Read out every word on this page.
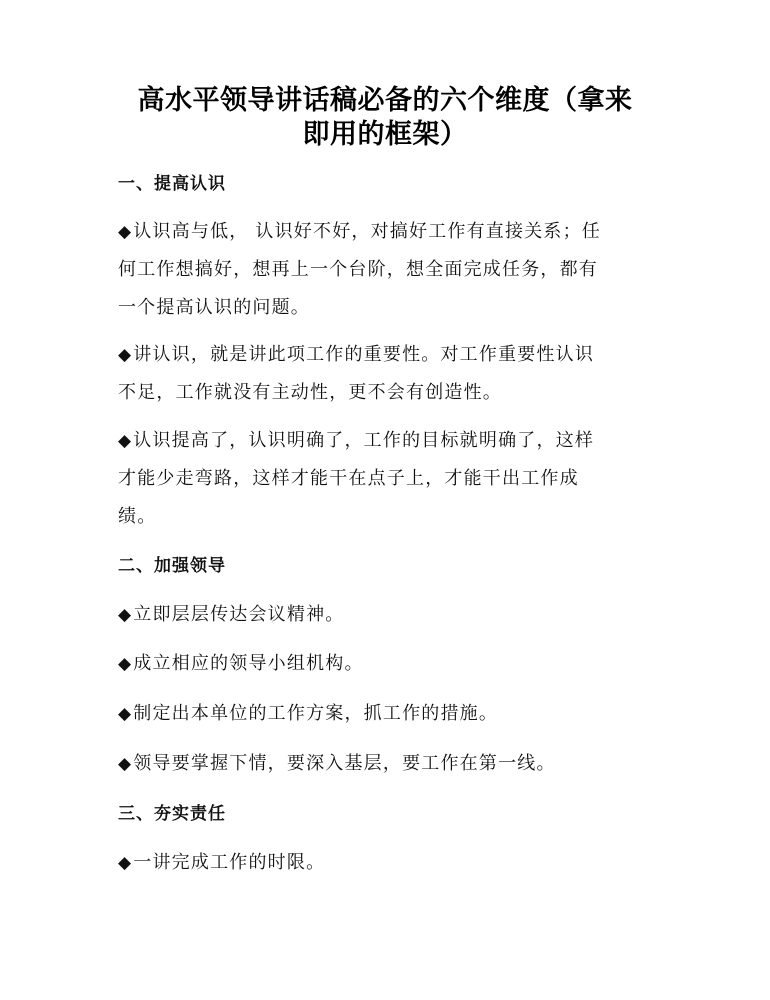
高水平领导讲话稿必备的六个维度（拿来
即用的框架）
一、提高认识
◆认识高与低， 认识好不好，对搞好工作有直接关系；任
何工作想搞好，想再上一个台阶，想全面完成任务，都有
一个提高认识的问题。
◆讲认识，就是讲此项工作的重要性。对工作重要性认识
不足，工作就没有主动性，更不会有创造性。
◆认识提高了，认识明确了，工作的目标就明确了，这样
才能少走弯路，这样才能干在点子上，才能干出工作成
绩。
二、加强领导
◆立即层层传达会议精神。
◆成立相应的领导小组机构。
◆制定出本单位的工作方案，抓工作的措施。
◆领导要掌握下情，要深入基层，要工作在第一线。
三、夯实责任
◆一讲完成工作的时限。
